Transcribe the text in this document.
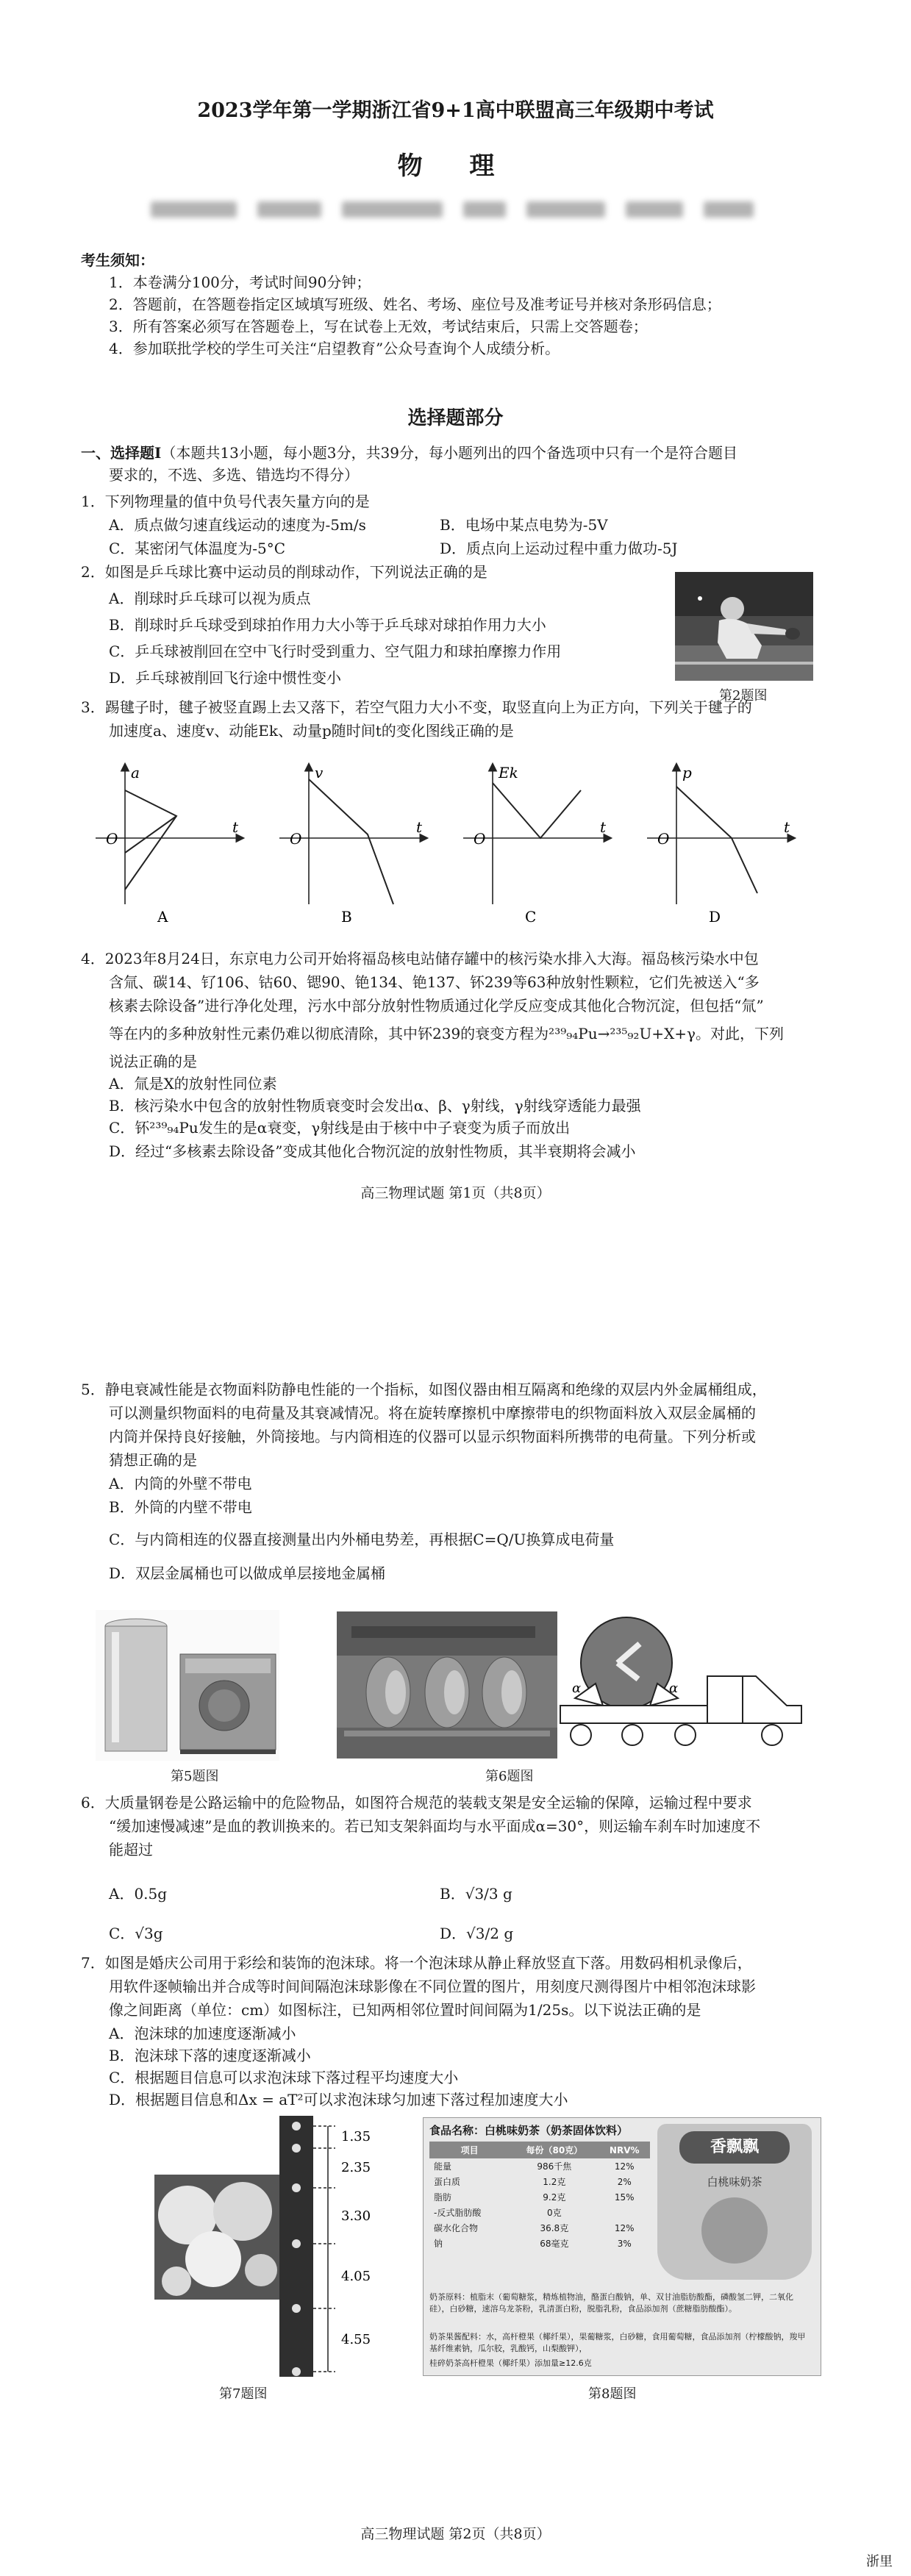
2023学年第一学期浙江省9+1高中联盟高三年级期中考试
物 理
考生须知：
1．本卷满分100分，考试时间90分钟；
2．答题前，在答题卷指定区域填写班级、姓名、考场、座位号及准考证号并核对条形码信息；
3．所有答案必须写在答题卷上，写在试卷上无效，考试结束后，只需上交答题卷；
4．参加联批学校的学生可关注“启望教育”公众号查询个人成绩分析。
选择题部分
一、选择题Ⅰ（本题共13小题，每小题3分，共39分，每小题列出的四个备选项中只有一个是符合题目
要求的，不选、多选、错选均不得分）
1．下列物理量的值中负号代表矢量方向的是
A．质点做匀速直线运动的速度为-5m/s	B．电场中某点电势为-5V
C．某密闭气体温度为-5°C	D．质点向上运动过程中重力做功-5J
2．如图是乒乓球比赛中运动员的削球动作，下列说法正确的是
A．削球时乒乓球可以视为质点
B．削球时乒乓球受到球拍作用力大小等于乒乓球对球拍作用力大小
C．乒乓球被削回在空中飞行时受到重力、空气阻力和球拍摩擦力作用
D．乒乓球被削回飞行途中惯性变小
第2题图
3．踢毽子时，毽子被竖直踢上去又落下，若空气阻力大小不变，取竖直向上为正方向，下列关于毽子的
加速度a、速度v、动能Ek、动量p随时间t的变化图线正确的是
a
O
t
A
v
O
t
B
Ek
O
t
C
p
O
t
D
4．2023年8月24日，东京电力公司开始将福岛核电站储存罐中的核污染水排入大海。福岛核污染水中包
含氚、碳14、钌106、钴60、锶90、铯134、铯137、钚239等63种放射性颗粒，它们先被送入“多
核素去除设备”进行净化处理，污水中部分放射性物质通过化学反应变成其他化合物沉淀，但包括“氚”
等在内的多种放射性元素仍难以彻底清除，其中钚239的衰变方程为²³⁹₉₄Pu→²³⁵₉₂U+X+γ。对此，下列
说法正确的是
A．氚是X的放射性同位素
B．核污染水中包含的放射性物质衰变时会发出α、β、γ射线，γ射线穿透能力最强
C．钚²³⁹₉₄Pu发生的是α衰变，γ射线是由于核中中子衰变为质子而放出
D．经过“多核素去除设备”变成其他化合物沉淀的放射性物质，其半衰期将会减小
高三物理试题 第1页（共8页）
5．静电衰减性能是衣物面料防静电性能的一个指标，如图仪器由相互隔离和绝缘的双层内外金属桶组成，
可以测量织物面料的电荷量及其衰减情况。将在旋转摩擦机中摩擦带电的织物面料放入双层金属桶的
内筒并保持良好接触，外筒接地。与内筒相连的仪器可以显示织物面料所携带的电荷量。下列分析或
猜想正确的是
A．内筒的外壁不带电
B．外筒的内壁不带电
C．与内筒相连的仪器直接测量出内外桶电势差，再根据C=Q/U换算成电荷量
D．双层金属桶也可以做成单层接地金属桶
第5题图
α	α
第6题图
6．大质量钢卷是公路运输中的危险物品，如图符合规范的装载支架是安全运输的保障，运输过程中要求
“缓加速慢减速”是血的教训换来的。若已知支架斜面均与水平面成α=30°，则运输车刹车时加速度不
能超过
A．0.5g	B．√3/3 g
C．√3g	D．√3/2 g
7．如图是婚庆公司用于彩绘和装饰的泡沫球。将一个泡沫球从静止释放竖直下落。用数码相机录像后，
用软件逐帧输出并合成等时间间隔泡沫球影像在不同位置的图片，用刻度尺测得图片中相邻泡沫球影
像之间距离（单位：cm）如图标注，已知两相邻位置时间间隔为1/25s。以下说法正确的是
A．泡沫球的加速度逐渐减小
B．泡沫球下落的速度逐渐减小
C．根据题目信息可以求泡沫球下落过程平均速度大小
D．根据题目信息和Δx = aT²可以求泡沫球匀加速下落过程加速度大小
1.35
2.35
3.30
4.05
4.55
第7题图
食品名称：白桃味奶茶（奶茶固体饮料）
项目	每份（80克）	NRV%
能量	986千焦	12%
蛋白质	1.2克	2%
脂肪	9.2克	15%
-反式脂肪酸	0克	
碳水化合物	36.8克	12%
钠	68毫克	3%
香飘飘
白桃味奶茶
奶茶原料：植脂末（葡萄糖浆，精炼植物油，酪蛋白酸钠，单、双甘油脂肪酸酯，磷酸氢二钾，二氧化硅），白砂糖，速溶乌龙茶粉，乳清蛋白粉，脱脂乳粉，食品添加剂（蔗糖脂肪酸酯）。
奶茶果酱配料：水，高杆橙果（椰纤果），果葡糖浆，白砂糖，食用葡萄糖，食品添加剂（柠檬酸钠，羧甲基纤维素钠，瓜尔胶，乳酸钙，山梨酸钾），
桂碎奶茶高杆橙果（椰纤果）添加量≥12.6克
第8题图
高三物理试题 第2页（共8页）
浙里
